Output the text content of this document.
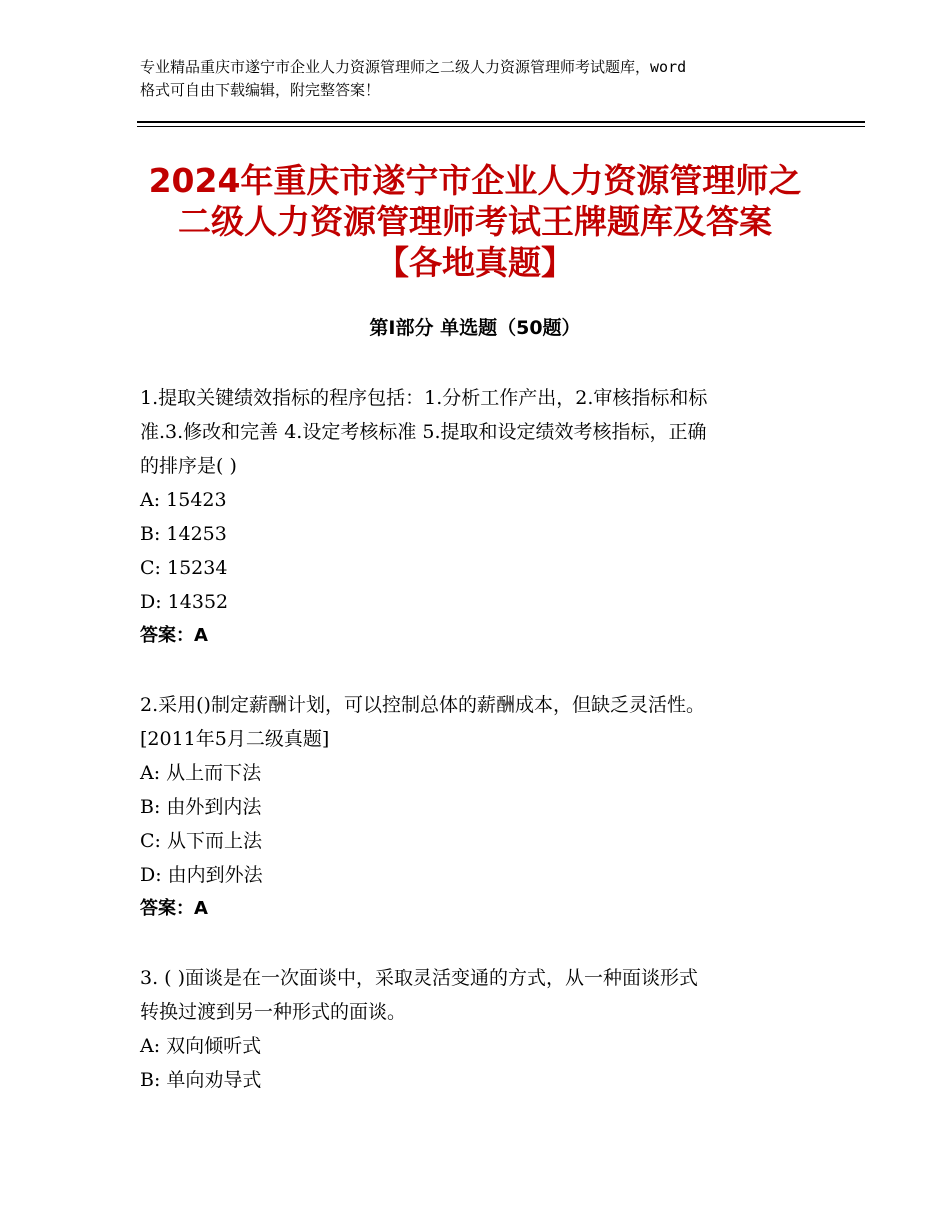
专业精品重庆市遂宁市企业人力资源管理师之二级人力资源管理师考试题库，word
格式可自由下载编辑，附完整答案！
2024年重庆市遂宁市企业人力资源管理师之
二级人力资源管理师考试王牌题库及答案
【各地真题】
第Ⅰ部分 单选题（50题）
1.提取关键绩效指标的程序包括：1.分析工作产出，2.审核指标和标
准.3.修改和完善 4.设定考核标准 5.提取和设定绩效考核指标，正确
的排序是( )
A: 15423
B: 14253
C: 15234
D: 14352
答案：A
2.采用()制定薪酬计划，可以控制总体的薪酬成本，但缺乏灵活性。
[2011年5月二级真题]
A: 从上而下法
B: 由外到内法
C: 从下而上法
D: 由内到外法
答案：A
3. ( )面谈是在一次面谈中，采取灵活变通的方式，从一种面谈形式
转换过渡到另一种形式的面谈。
A: 双向倾听式
B: 单向劝导式
